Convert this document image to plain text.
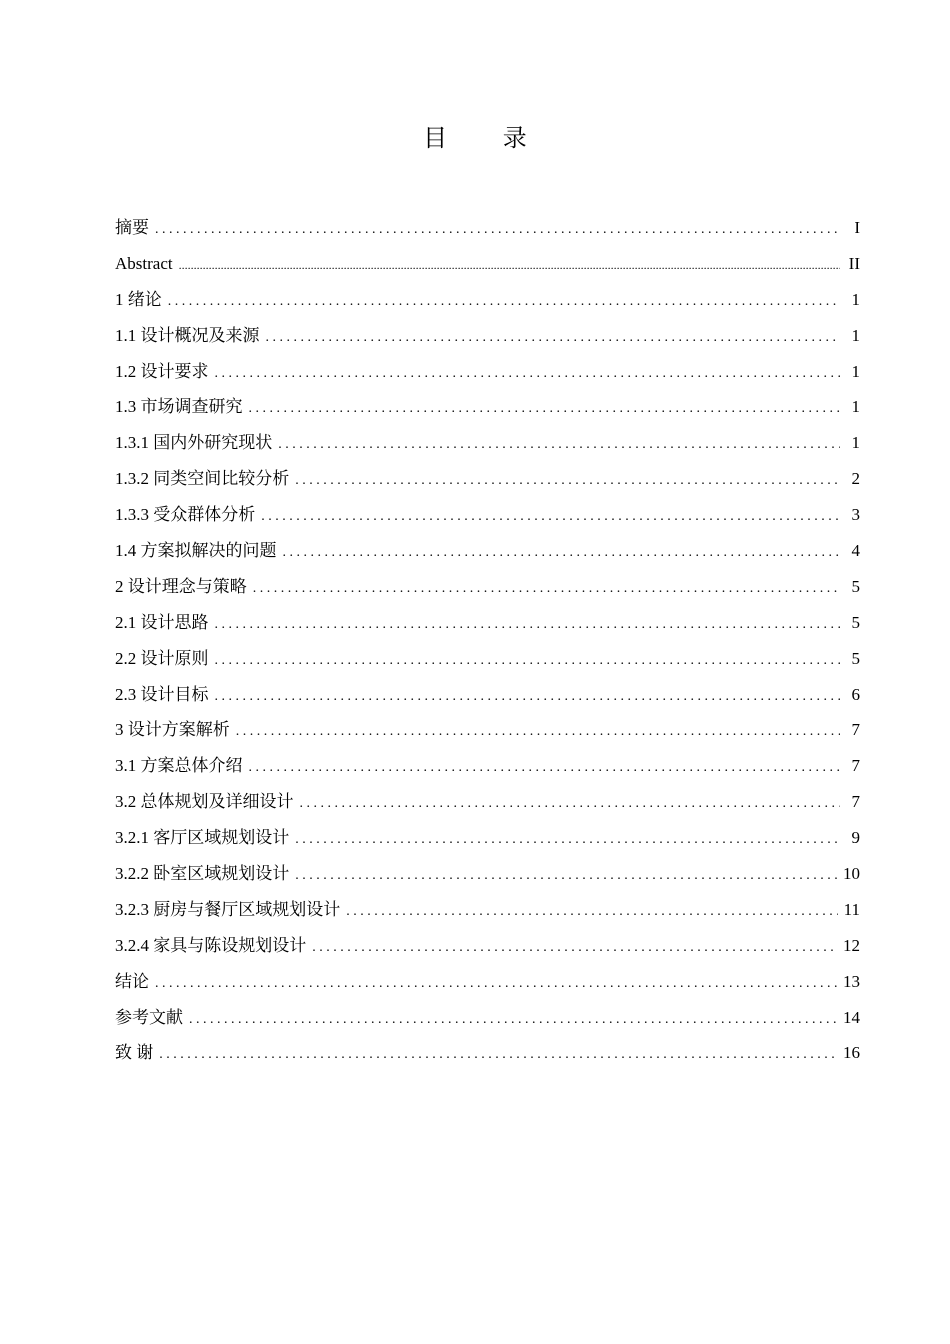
目 录
摘要 . . .	I
Abstract .....	II
1 绪论 . . .	1
1.1 设计概况及来源 . . .	1
1.2 设计要求 . . .	1
1.3 市场调查研究 . . .	1
1.3.1 国内外研究现状 . . .	1
1.3.2 同类空间比较分析 . . .	2
1.3.3 受众群体分析 . . .	3
1.4 方案拟解决的问题 . . .	4
2 设计理念与策略 . . .	5
2.1 设计思路 . . .	5
2.2 设计原则 . . .	5
2.3 设计目标 . . .	6
3 设计方案解析 . . .	7
3.1 方案总体介绍 . . .	7
3.2 总体规划及详细设计 . . .	7
3.2.1 客厅区域规划设计 . . .	9
3.2.2 卧室区域规划设计 . . .	10
3.2.3 厨房与餐厅区域规划设计 . . .	11
3.2.4 家具与陈设规划设计 . . .	12
结论 . . .	13
参考文献 . . .	14
致 谢 . . .	16
